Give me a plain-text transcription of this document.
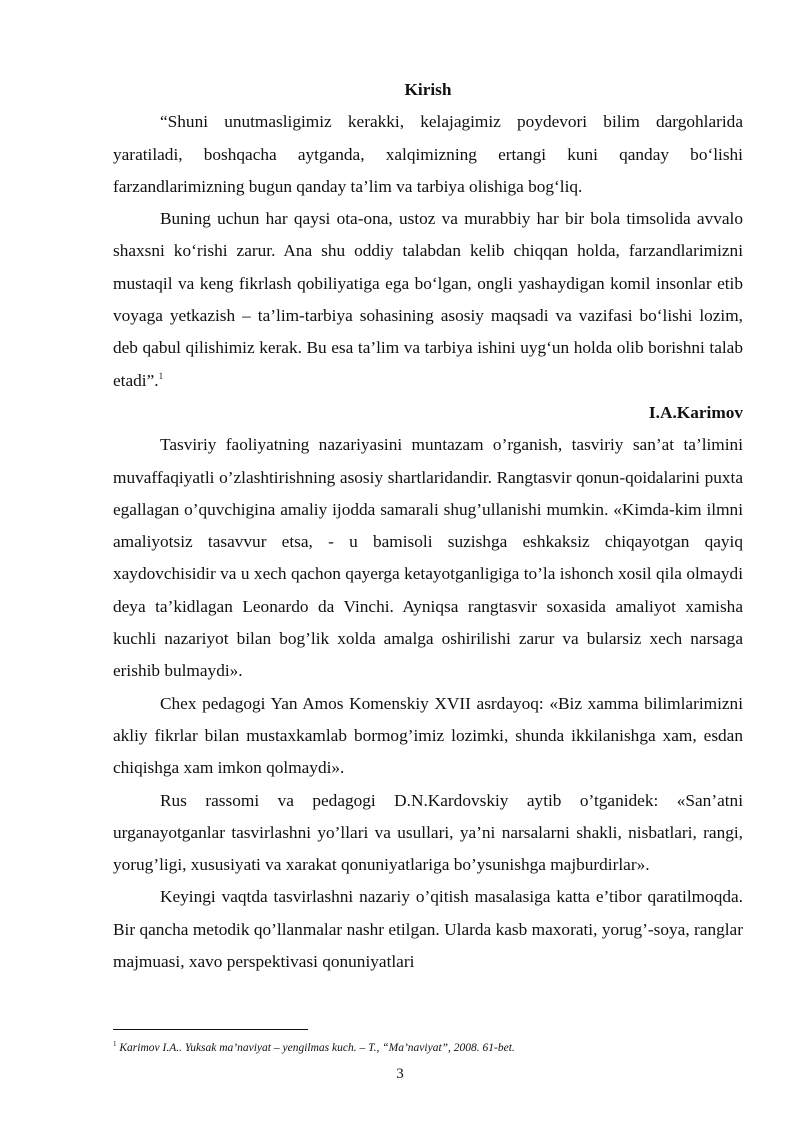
Kirish

“Shuni unutmasligimiz kerakki, kelajagimiz poydevori bilim dargohlarida yaratiladi, boshqacha aytganda, xalqimizning ertangi kuni qanday bo‘lishi farzandlarimizning bugun qanday ta’lim va tarbiya olishiga bog‘liq.

Buning uchun har qaysi ota-ona, ustoz va murabbiy har bir bola timsolida avvalo shaxsni ko‘rishi zarur. Ana shu oddiy talabdan kelib chiqqan holda, farzandlarimizni mustaqil va keng fikrlash qobiliyatiga ega bo‘lgan, ongli yashaydigan komil insonlar etib voyaga yetkazish – ta’lim-tarbiya sohasining asosiy maqsadi va vazifasi bo‘lishi lozim, deb qabul qilishimiz kerak. Bu esa ta’lim va tarbiya ishini uyg‘un holda olib borishni talab etadi”.$^1$

I.A.Karimov

Tasviriy faoliyatning nazariyasini muntazam o’rganish, tasviriy san’at ta’limini muvaffaqiyatli o’zlashtirishning asosiy shartlaridandir. Rangtasvir qonun-qoidalarini puxta egallagan o’quvchigina amaliy ijodda samarali shug’ullanishi mumkin. «Kimda-kim ilmni amaliyotsiz tasavvur etsa, - u bamisoli suzishga eshkaksiz chiqayotgan qayiq xaydovchisidir va u xech qachon qayerga ketayotganligiga to’la ishonch xosil qila olmaydi deya ta’kidlagan Leonardo da Vinchi. Ayniqsa rangtasvir soxasida amaliyot xamisha kuchli nazariyot bilan bog’lik xolda amalga oshirilishi zarur va bularsiz xech narsaga erishib bulmaydi».

Chex pedagogi Yan Amos Komenskiy XVII asrdayoq: «Biz xamma bilimlarimizni akliy fikrlar bilan mustaxkamlab bormog’imiz lozimki, shunda ikkilanishga xam, esdan chiqishga xam imkon qolmaydi».

Rus rassomi va pedagogi D.N.Kardovskiy aytib o’tganidek: «San’atni urganayotganlar tasvirlashni yo’llari va usullari, ya’ni narsalarni shakli, nisbatlari, rangi, yorug’ligi, xususiyati va xarakat qonuniyatlariga bo’ysunishga majburdirlar».

Keyingi vaqtda tasvirlashni nazariy o’qitish masalasiga katta e’tibor qaratilmoqda. Bir qancha metodik qo’llanmalar nashr etilgan. Ularda kasb maxorati, yorug’-soya, ranglar majmuasi, xavo perspektivasi qonuniyatlari

$^1$ Karimov I.A.. Yuksak ma’naviyat – yengilmas kuch. – T., “Ma’naviyat”, 2008. 61-bet.
3
